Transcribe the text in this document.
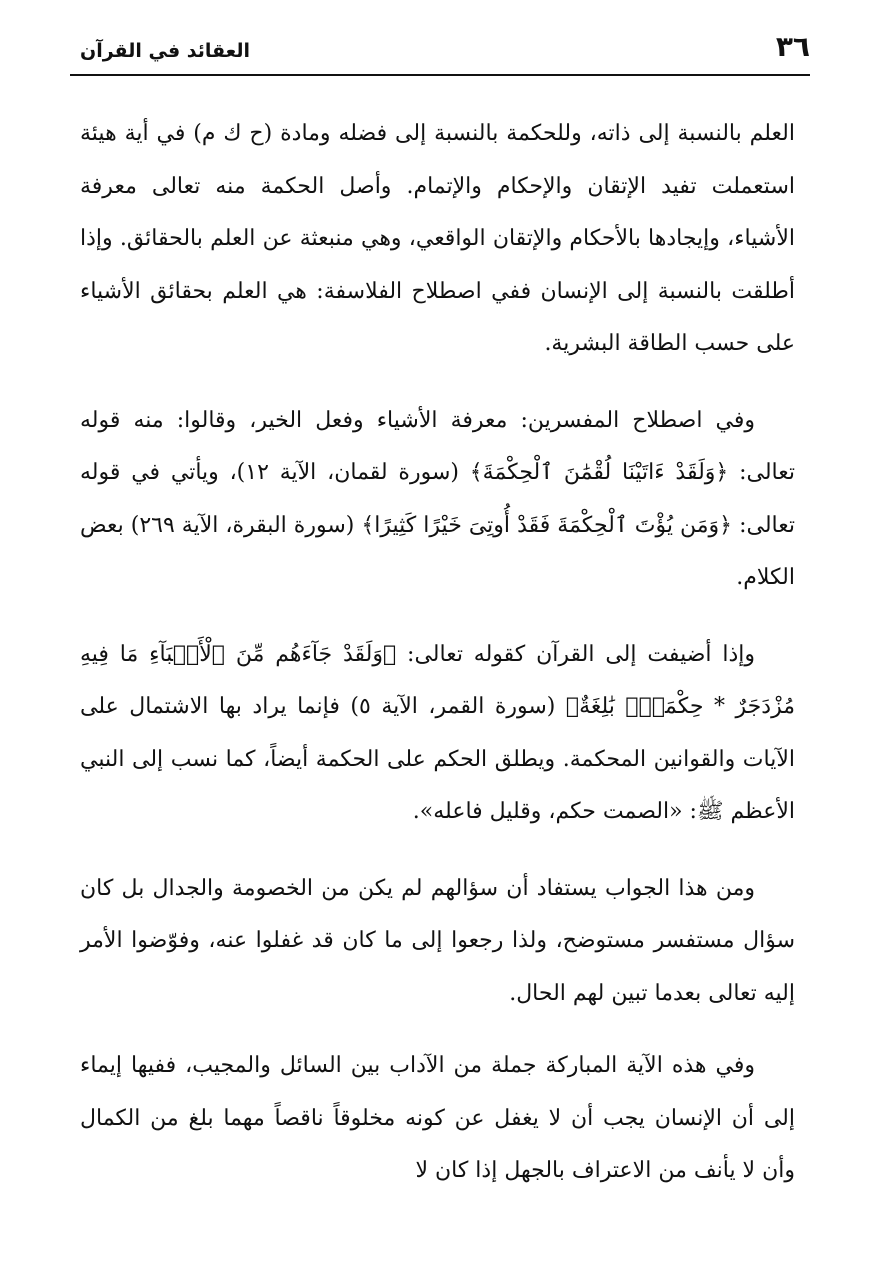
العقائد في القرآن	٣٦

العلم بالنسبة إلى ذاته، وللحكمة بالنسبة إلى فضله ومادة (ح ك م) في أية هيئة استعملت تفيد الإتقان والإحكام والإتمام. وأصل الحكمة منه تعالى معرفة الأشياء، وإيجادها بالأحكام والإتقان الواقعي، وهي منبعثة عن العلم بالحقائق. وإذا أطلقت بالنسبة إلى الإنسان ففي اصطلاح الفلاسفة: هي العلم بحقائق الأشياء على حسب الطاقة البشرية.

وفي اصطلاح المفسرين: معرفة الأشياء وفعل الخير، وقالوا: منه قوله تعالى: ﴿وَلَقَدْ ءَاتَيْنَا لُقْمَٰنَ ٱلْحِكْمَةَ﴾ (سورة لقمان، الآية ١٢)، ويأتي في قوله تعالى: ﴿وَمَن يُؤْتَ ٱلْحِكْمَةَ فَقَدْ أُوتِىَ خَيْرًا كَثِيرًا﴾ (سورة البقرة، الآية ٢٦٩) بعض الكلام.

وإذا أضيفت إلى القرآن كقوله تعالى: ﴿وَلَقَدْ جَآءَهُم مِّنَ ٱلْأَنۢبَآءِ مَا فِيهِ مُزْدَجَرٌ * حِكْمَةٌۢ بَٰلِغَةٌ﴾ (سورة القمر، الآية ٥) فإنما يراد بها الاشتمال على الآيات والقوانين المحكمة. ويطلق الحكم على الحكمة أيضاً، كما نسب إلى النبي الأعظم ﷺ: «الصمت حكم، وقليل فاعله».

ومن هذا الجواب يستفاد أن سؤالهم لم يكن من الخصومة والجدال بل كان سؤال مستفسر مستوضح، ولذا رجعوا إلى ما كان قد غفلوا عنه، وفوّضوا الأمر إليه تعالى بعدما تبين لهم الحال.

وفي هذه الآية المباركة جملة من الآداب بين السائل والمجيب، ففيها إيماء إلى أن الإنسان يجب أن لا يغفل عن كونه مخلوقاً ناقصاً مهما بلغ من الكمال وأن لا يأنف من الاعتراف بالجهل إذا كان لا
